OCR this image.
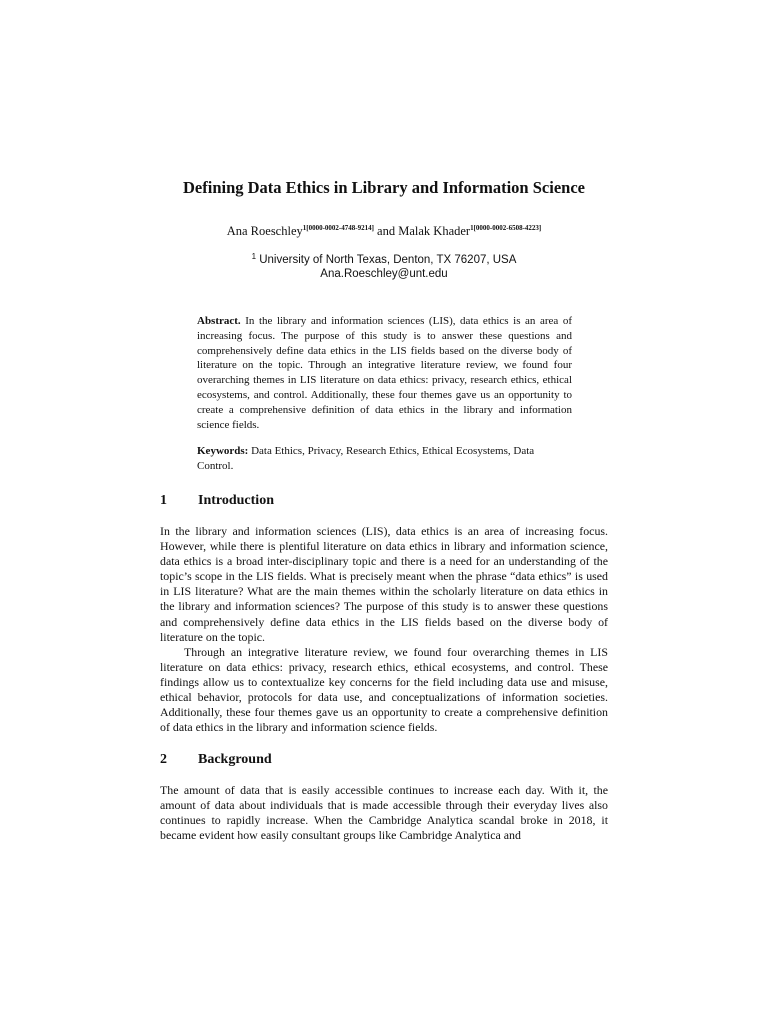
Defining Data Ethics in Library and Information Science
Ana Roeschley$^{1[0000-0002-4748-9214]}$ and Malak Khader$^{1[0000-0002-6508-4223]}$
$^1$ University of North Texas, Denton, TX 76207, USA
Ana.Roeschley@unt.edu
Abstract. In the library and information sciences (LIS), data ethics is an area of increasing focus. The purpose of this study is to answer these questions and comprehensively define data ethics in the LIS fields based on the diverse body of literature on the topic. Through an integrative literature review, we found four overarching themes in LIS literature on data ethics: privacy, research ethics, ethical ecosystems, and control. Additionally, these four themes gave us an opportunity to create a comprehensive definition of data ethics in the library and information science fields.
Keywords: Data Ethics, Privacy, Research Ethics, Ethical Ecosystems, Data Control.
1 Introduction

In the library and information sciences (LIS), data ethics is an area of increasing focus. However, while there is plentiful literature on data ethics in library and information science, data ethics is a broad inter-disciplinary topic and there is a need for an understanding of the topic’s scope in the LIS fields. What is precisely meant when the phrase “data ethics” is used in LIS literature? What are the main themes within the scholarly literature on data ethics in the library and information sciences? The purpose of this study is to answer these questions and comprehensively define data ethics in the LIS fields based on the diverse body of literature on the topic.

Through an integrative literature review, we found four overarching themes in LIS literature on data ethics: privacy, research ethics, ethical ecosystems, and control. These findings allow us to contextualize key concerns for the field including data use and misuse, ethical behavior, protocols for data use, and conceptualizations of information societies. Additionally, these four themes gave us an opportunity to create a comprehensive definition of data ethics in the library and information science fields.

2 Background

The amount of data that is easily accessible continues to increase each day. With it, the amount of data about individuals that is made accessible through their everyday lives also continues to rapidly increase. When the Cambridge Analytica scandal broke in 2018, it became evident how easily consultant groups like Cambridge Analytica and
